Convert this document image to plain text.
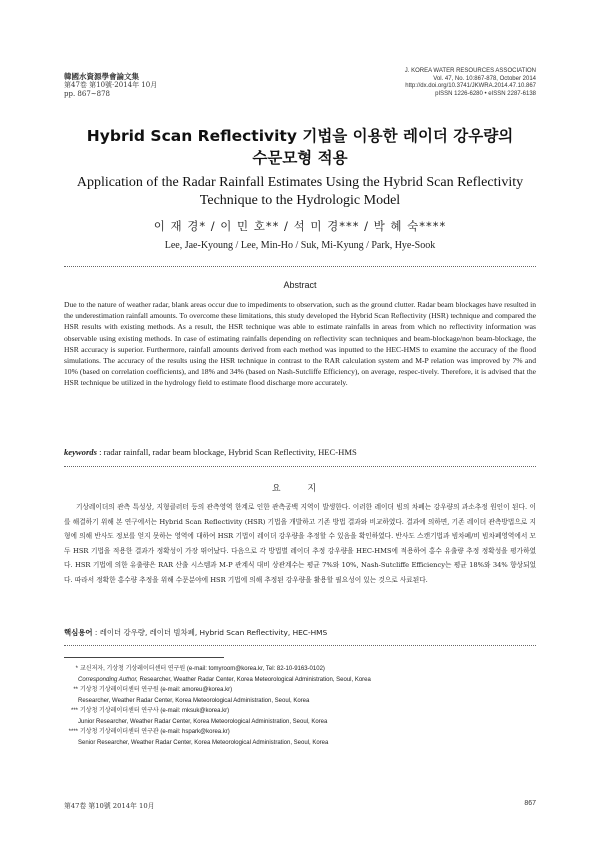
韓國水資源學會論文集
第47卷 第10號·2014年 10月
pp. 867~878
J. KOREA WATER RESOURCES ASSOCIATION
Vol. 47, No. 10:867-878, October 2014
http://dx.doi.org/10.3741/JKWRA.2014.47.10.867
pISSN 1226-6280 • eISSN 2287-6138
Hybrid Scan Reflectivity 기법을 이용한 레이더 강우량의
수문모형 적용
Application of the Radar Rainfall Estimates Using the Hybrid Scan Reflectivity
Technique to the Hydrologic Model
이 재 경* / 이 민 호** / 석 미 경*** / 박 혜 숙****
Lee, Jae-Kyoung / Lee, Min-Ho / Suk, Mi-Kyung / Park, Hye-Sook
Abstract
Due to the nature of weather radar, blank areas occur due to impediments to observation, such as the ground clutter. Radar beam blockages have resulted in the underestimation rainfall amounts. To overcome these limitations, this study developed the Hybrid Scan Reflectivity (HSR) technique and compared the HSR results with existing methods. As a result, the HSR technique was able to estimate rainfalls in areas from which no reflectivity information was observable using existing methods. In case of estimating rainfalls depending on reflectivity scan techniques and beam-blockage/non beam-blockage, the HSR accuracy is superior. Furthermore, rainfall amounts derived from each method was inputted to the HEC-HMS to examine the accuracy of the flood simulations. The accuracy of the results using the HSR technique in contrast to the RAR calculation system and M-P relation was improved by 7% and 10% (based on correlation coefficients), and 18% and 34% (based on Nash-Sutcliffe Efficiency), on average, respec-tively. Therefore, it is advised that the HSR technique be utilized in the hydrology field to estimate flood discharge more accurately.
keywords : radar rainfall, radar beam blockage, Hybrid Scan Reflectivity, HEC-HMS
요 지
기상레이더의 관측 특성상, 지형클러터 등의 관측영역 한계로 인한 관측공백 지역이 발생한다. 이러한 레이더 빔의 차폐는 강우량의 과소추정 원인이 된다. 이를 해결하기 위해 본 연구에서는 Hybrid Scan Reflectivity (HSR) 기법을 개발하고 기존 방법 결과와 비교하였다. 결과에 의하면, 기존 레이더 관측방법으로 지형에 의해 반사도 정보를 얻지 못하는 영역에 대하여 HSR 기법이 레이더 강우량을 추정할 수 있음을 확인하였다. 반사도 스캔기법과 빔차폐/비 빔차폐영역에서 모두 HSR 기법을 적용한 결과가 정확성이 가장 뛰어났다. 다음으로 각 방법별 레이더 추정 강우량을 HEC-HMS에 적용하여 홍수 유출량 추정 정확성을 평가하였다. HSR 기법에 의한 유출량은 RAR 산출 시스템과 M-P 관계식 대비 상관계수는 평균 7%와 10%, Nash-Sutcliffe Efficiency는 평균 18%와 34% 향상되었다. 따라서 정확한 홍수량 추정을 위해 수문분야에 HSR 기법에 의해 추정된 강우량을 활용할 필요성이 있는 것으로 사료된다.
핵심용어 : 레이더 강우량, 레이더 빔차폐, Hybrid Scan Reflectivity, HEC-HMS
* 교신저자, 기상청 기상레이더센터 연구원 (e-mail: tomyroom@korea.kr, Tel: 82-10-9163-0102)
Corresponding Author, Researcher, Weather Radar Center, Korea Meteorological Administration, Seoul, Korea
** 기상청 기상레이더센터 연구원 (e-mail: amoreu@korea.kr)
Researcher, Weather Radar Center, Korea Meteorological Administration, Seoul, Korea
*** 기상청 기상레이더센터 연구사 (e-mail: mksuk@korea.kr)
Junior Researcher, Weather Radar Center, Korea Meteorological Administration, Seoul, Korea
**** 기상청 기상레이더센터 연구관 (e-mail: hspark@korea.kr)
Senior Researcher, Weather Radar Center, Korea Meteorological Administration, Seoul, Korea
第47卷 第10號 2014年 10月	867
